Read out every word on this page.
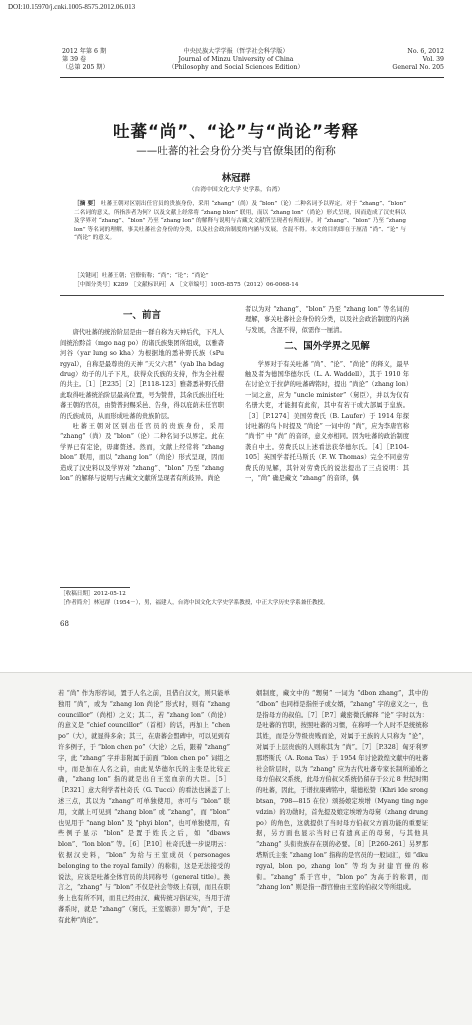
DOI:10.15970/j.cnki.1005-8575.2012.06.013
2012 年第 6 期
第 39 卷
（总第 205 期）
中央民族大学学报（哲学社会科学版）
Journal of Minzu University of China
（Philosophy and Social Sciences Edition）
No. 6, 2012
Vol. 39
General No. 205
吐蕃“尚”、“论”与“尚论”考释
——吐蕃的社会身份分类与官僚集团的衔称
林冠群
（台湾中国文化大学 史学系，台湾）
［摘 要］ 吐蕃王朝对区别出任官员的贵族身份，采用 “zhang”（尚）及 “blon”（论）二种名词予以界定。对于 “zhang”、“blon” 二名词的意义，所指涉者为何？以及文献上经常将 “zhang blon” 联用，而以 “zhang lon”（尚论）形式呈现，因而造成了汉史料以及学界对 “zhang”、“blon” 乃至 “zhang lon” 的解释与说明与古藏文文献所呈现者有所歧异。对 “zhang”、“blon” 乃至 “zhang lon” 等名词的理解，事关吐蕃社会身份的分类，以及社会政治制度的内涵与发展，含混不得。本文的目的即在于厘清 “尚”、“论” 与 “尚论” 的意义。
［关键词］吐蕃王朝；官僚衔称；“尚”；“论”；“尚论”
［中图分类号］K289　［文献标识码］A　［文章编号］1005-8575（2012）06-0068-14
一、前言

唐代吐蕃的统治阶层是由一群自称为天神后代，下凡人间统治黔首（mgo nag po）的诸氏族集团所组成，以雅砻河谷（yar lung so kha）为根据地的悉补野氏族（sPu rgyal），自称是最尊贵的天神 “天父六君”（yab lha bdag drug）幼子的儿子下凡，获得众氏族的支持，作为全社稷的共主。［1］［P.235］［2］［P.118-123］雅砻悉补野氏借此取得吐蕃统治阶层最高位置，号为赞普，其余氏族出任吐蕃王朝的官员，由赞普封赐采邑、告身，得以庇荫未任官职的氏族成员，从而形成吐蕃的贵族阶层。

吐蕃王朝对区别出任官员的贵族身份，采用 “zhang”（尚）及 “blon”（论）二种名词予以界定。此在学界已有定论，毋庸赘述。然而，文献上经常将 “zhang blon” 联用，而以 “zhang lon”（尚论）形式呈现，因而造成了汉史料以及学界对 “zhang”、“blon” 乃至 “zhang lon” 的解释与说明与古藏文文献所呈现者有所歧异。尚论

者以为对 “zhang”、“blon” 乃至 “zhang lon” 等名词的理解，事关吐蕃社会身份的分类，以及社会政治制度的内涵与发展，含混不得，似需作一厘清。

二、国外学界之见解

学界对于有关吐蕃 “尚”、“论”、“尚论” 的释义，最早触及者为德国华德尔氏（L. A. Waddell），其于 1910 年在讨论立于拉萨的吐蕃碑铭时，提出 “尚论”（zhang lon）一词之意，应为 “uncle minister”（舅臣），并以为仅有名册大吏，才能拥有此衔，其中有若干或大部属于皇族。［3］［P.1274］美国劳费氏（B. Laufer）于 1914 年探讨吐蕃的鸟卜时提及 “尚论” 一词中的 “尚”，应为李唐官称 “尚书” 中 “尚” 的音译，意义亦相同。因为吐蕃的政治制度袭自中土。劳费氏以上述看法获华德尔氏。［4］［P.104-105］英国学者托马斯氏（F. W. Thomas）完全不同意劳费氏的见解，其针对劳费氏的说法提出了三点说明：其一，“尚” 确是藏文 “zhang” 的音译，偶

［收稿日期］2012-05-12
［作者简介］林冠群（1954－），男，福建人，台湾中国文化大学史学系教授，中正大学历史学系兼任教授。
68
若 “尚” 作为形容词，置于人名之前，且借自汉文，则只能单独用 “尚”，或为 “zhang lon 尚论” 形式时，则有 “zhang councillor”（尚相）之义；其二，若 “zhang lon”（尚论）的意义是 “chief councillor”（首相）的话，再加上 “chen po”（大），就显得多余；其三，在唐蕃会盟碑中，可以见到有许多例子，于 “blon chen po”（大论）之后，跟着 “zhang” 字，此 “zhang” 字并非附属于前面 “blon chen po” 词组之中，而是加在人名之前，由此见华德尔氏的主张是比较正确，“zhang lon” 指的就是出自王室血亲的大臣。［5］［P.321］意大利学者杜奇氏（G. Tucci）的看法也涵盖了上述三点，其以为 “zhang” 可单独使用，亦可与 “blon” 联用，文献上可见到 “zhang blon” 或 “zhang”，而 “blon” 也见用于 “nang blon” 及 “phyi blon”，也可单独使用，有些例子显示 “blon” 是置于姓氏之后，如 “dbaws blon”、“lon blon” 等。［6］［P.10］杜奇氏进一步说明云：依据汉史料，“blon” 为给与王室成员（personages belonging to the royal family）的称衔，这是无法接受的说法，应该是吐蕃全体官员的共同称号（general title）。换言之，“zhang” 与 “blon” 不仅是社会等级上有别，而且在职务上也有所不同，而且已经由汉、藏传统习俗证实，当用于清蕃系时，就是 “zhang”（舅氏，王室姻亲）即为“尚”，于是有此种“尚论”。
姻制度，藏文中的 “甥舅” 一词为 “dbon zhang”，其中的 “dbon” 也同样是指侄子或女婿，“zhang” 字的意义之一，也是指母方的叔伯。［7］［P.7］戴密微氏解释 “论” 字时以为：是吐蕃的官职，按照吐蕃的习惯，在称呼一个人时不是统统称其姓，而是分等级贵贱而论，对属于王族的人只称为 “论”，对属于上层贵族的人则称其为 “尚”。［7］［P.328］匈牙利罗那塔斯氏（A. Rona Tas）于 1954 年讨论敦煌文献中的吐蕃社会阶层时，以为 “zhang” 应为古代吐蕃专家长制所通婚之母方伯叔父系统，此母方伯叔父系统仍留存于公元 8 世纪时期的吐蕃，因此，于谱拉康碑铭中，堪德松赞（Khri lde srong btsan，798—815 在位）颂扬娘定埃增（Myang ting nge vdzin）的功勋时，首先提及娘定埃增为母舅（zhang drung po）的角色，这就提供了当时母方伯叔父方面功能的重要证据，另方面也显示当时已有遗真正的母舅，与其他具 “zhang” 头衔贵族存在别的必要。［8］［P.260-261］另罗那塔斯氏主张 “zhang lon” 指称的是官员的一般词汇，如 “dku rgyal, blon po, zhang lon” 等均为封建官僚的称衔。“zhang” 系于宫中，“blon po” 为高于的称谓，而 “zhang lon” 则是指一群官僚由王室的伯叔父等所组成。
